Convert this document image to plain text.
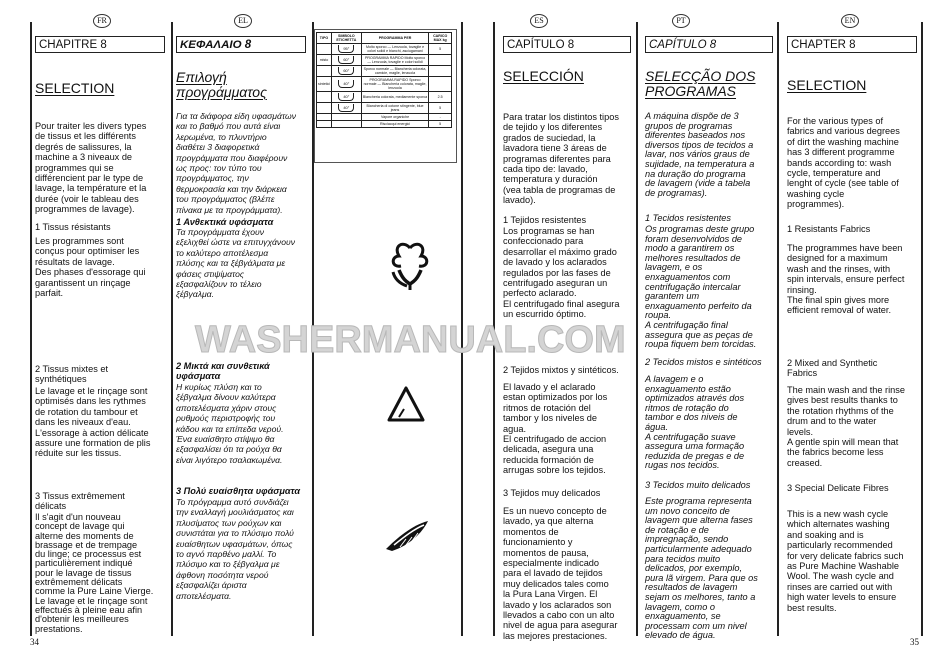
FR
CHAPITRE 8
SELECTION
Pour traiter les divers types
de tissus et les différents
degrés de salissures, la
machine a 3 niveaux de
programmes qui se
différencient par le type de
lavage, la température et la
durée (voir le tableau des
programmes de lavage).
1 Tissus résistants
Les programmes sont
conçus pour optimiser les
résultats de lavage.
Des phases d'essorage qui
garantissent un rinçage
parfait.
2 Tissus mixtes et
synthétiques
Le lavage et le rinçage sont
optimisés dans les rythmes
de rotation du tambour et
dans les niveaux d'eau.
L'essorage à action délicate
assure une formation de plis
réduite sur les tissus.
3 Tissus extrêmement
délicats
Il s'agit d'un nouveau
concept de lavage qui
alterne des moments de
brassage et de trempage
du linge; ce processus est
particulièrement indiqué
pour le lavage de tissus
extrêmement délicats
comme la Pure Laine Vierge.
Le lavage et le rinçage sont
effectués à pleine eau afin
d'obtenir les meilleures
prestations.
EL
ΚΕΦΑΛΑΙΟ 8
Επιλογή
προγράμματος
Για τα διάφορα είδη υφασμάτων
και το βαθμό που αυτά είναι
λερωμένα, το πλυντήριο
διαθέτει 3 διαφορετικά
προγράμματα που διαφέρουν
ως προς: τον τύπο του
προγράμματος, την
θερμοκρασία και την διάρκεια
του προγράμματος (βλέπε
πίνακα με τα προγράμματα).
1 Ανθεκτικά υφάσματα
Τα προγράμματα έχουν
εξελιχθεί ώστε να επιτυγχάνουν
το καλύτερο αποτέλεσμα
πλύσης και τα ξέβγάλματα με
φάσεις στιψίματος
εξασφαλίζουν το τέλειο
ξέβγαλμα.
2 Μικτά και συνθετικά
υφάσματα
Η κυρίως πλύση και το
ξέβγαλμα δίνουν καλύτερα
αποτελέσματα χάριν στους
ρυθμούς περιστροφής του
κάδου και τα επίπεδα νερού.
Ένα ευαίσθητο στίψιμο θα
εξασφαλίσει ότι τα ρούχα θα
είναι λιγότερο τσαλακωμένα.
3 Πολύ ευαίσθητα υφάσματα
Το πρόγραμμα αυτό συνδιάζει
την εναλλαγή μουλιάσματος και
πλυσίματος των ρούχων και
συνιστάται για το πλύσιμο πολύ
ευαίσθητων υφασμάτων, όπως
το αγνό παρθένο μαλλί. Το
πλύσιμο και το ξέβγαλμα με
άφθονη ποσότητα νερού
εξασφαλίζει άριστα
αποτελέσματα.
TIPO	SIMBOLO ETICHETTA	PROGRAMMA PER	CARICO MAX kg
	95°	Molto sporco — Lenzuola, tovaglie e colori solidi e bianchi, asciugamani	5
misto	60°	PROGRAMMA RAPIDO Molto sporco — Lenzuola, tovaglie e colori solidi	
	60°	Sporco normale — Biancheria colorata, camicie, maglie, lenzuola	
sintetici	40°	PROGRAMMA RAPIDO Sporco normale — Biancheria colorata, maglie, lenzuola	
	40°	Biancheria colorata, mediamente sporca	2.5
	40°	Biancheria di cotone stingente, blue jeans	5
		Vapore organiche	-
		Risciacqui energici	5
ES
CAPÍTULO 8
SELECCIÓN
Para tratar los distintos tipos
de tejido y los diferentes
grados de suciedad, la
lavadora tiene 3 áreas de
programas diferentes para
cada tipo de: lavado,
temperatura y duración
(vea tabla de programas de
lavado).
1 Tejidos resistentes
Los programas se han
confeccionado para
desarrollar el máximo grado
de lavado y los aclarados
regulados por las fases de
centrifugado aseguran un
perfecto aclarado.
El centrifugado final asegura
un escurrido óptimo.
2 Tejidos mixtos y sintéticos.
El lavado y el aclarado
estan optimizados por los
ritmos de rotación del
tambor y los niveles de
agua.
El centrifugado de accion
delicada, asegura una
reducida formación de
arrugas sobre los tejidos.
3 Tejidos muy delicados
Es un nuevo concepto de
lavado, ya que alterna
momentos de
funcionamiento y
momentos de pausa,
especialmente indicado
para el lavado de tejidos
muy delicados tales como
la Pura Lana Virgen. El
lavado y los aclarados son
llevados a cabo con un alto
nivel de agua para asegurar
las mejores prestaciones.
PT
CAPÍTULO 8
SELECÇÃO DOS
PROGRAMAS
A máquina dispõe de 3
grupos de programas
diferentes baseados nos
diversos tipos de tecidos a
lavar, nos vários graus de
sujidade, na temperatura a
na duração do programa
de lavagem (vide a tabela
de programas).
1 Tecidos resistentes
Os programas deste grupo
foram desenvolvidos de
modo a garantirem os
melhores resultados de
lavagem, e os
enxaguamentos com
centrifugação intercalar
garantem um
enxaguamento perfeito da
roupa.
A centrifugação final
assegura que as peças de
roupa fiquem bem torcidas.
2 Tecidos mistos e sintéticos
A lavagem e o
enxaguamento estão
optimizados através dos
ritmos de rotação do
tambor e dos niveis de
água.
A centrifugação suave
assegura uma formação
reduzida de pregas e de
rugas nos tecidos.
3 Tecidos muito delicados
Este programa representa
um novo conceito de
lavagem que alterna fases
de rotação e de
impregnação, sendo
particularmente adequado
para tecidos muito
delicados, por exemplo,
pura lã virgem. Para que os
resultados de lavagem
sejam os melhores, tanto a
lavagem, como o
enxaguamento, se
processam com um nivel
elevado de água.
EN
CHAPTER 8
SELECTION
For the various types of
fabrics and various degrees
of dirt the washing machine
has 3 different programme
bands according to: wash
cycle, temperature and
lenght of cycle (see table of
washing cycle
programmes).
1 Resistants Fabrics
The programmes have been
designed for a maximum
wash and the rinses, with
spin intervals, ensure perfect
rinsing.
The final spin gives more
efficient removal of water.
2 Mixed and Synthetic
Fabrics
The main wash and the rinse
gives best results thanks to
the rotation rhythms of the
drum and to the water
levels.
A gentle spin will mean that
the fabrics become less
creased.
3 Special Delicate Fibres
This is a new wash cycle
which alternates washing
and soaking and is
particularly recommended
for very delicate fabrics such
as Pure Machine Washable
Wool. The wash cycle and
rinses are carried out with
high water levels to ensure
best results.
WASHERMANUAL.COM
34	35
